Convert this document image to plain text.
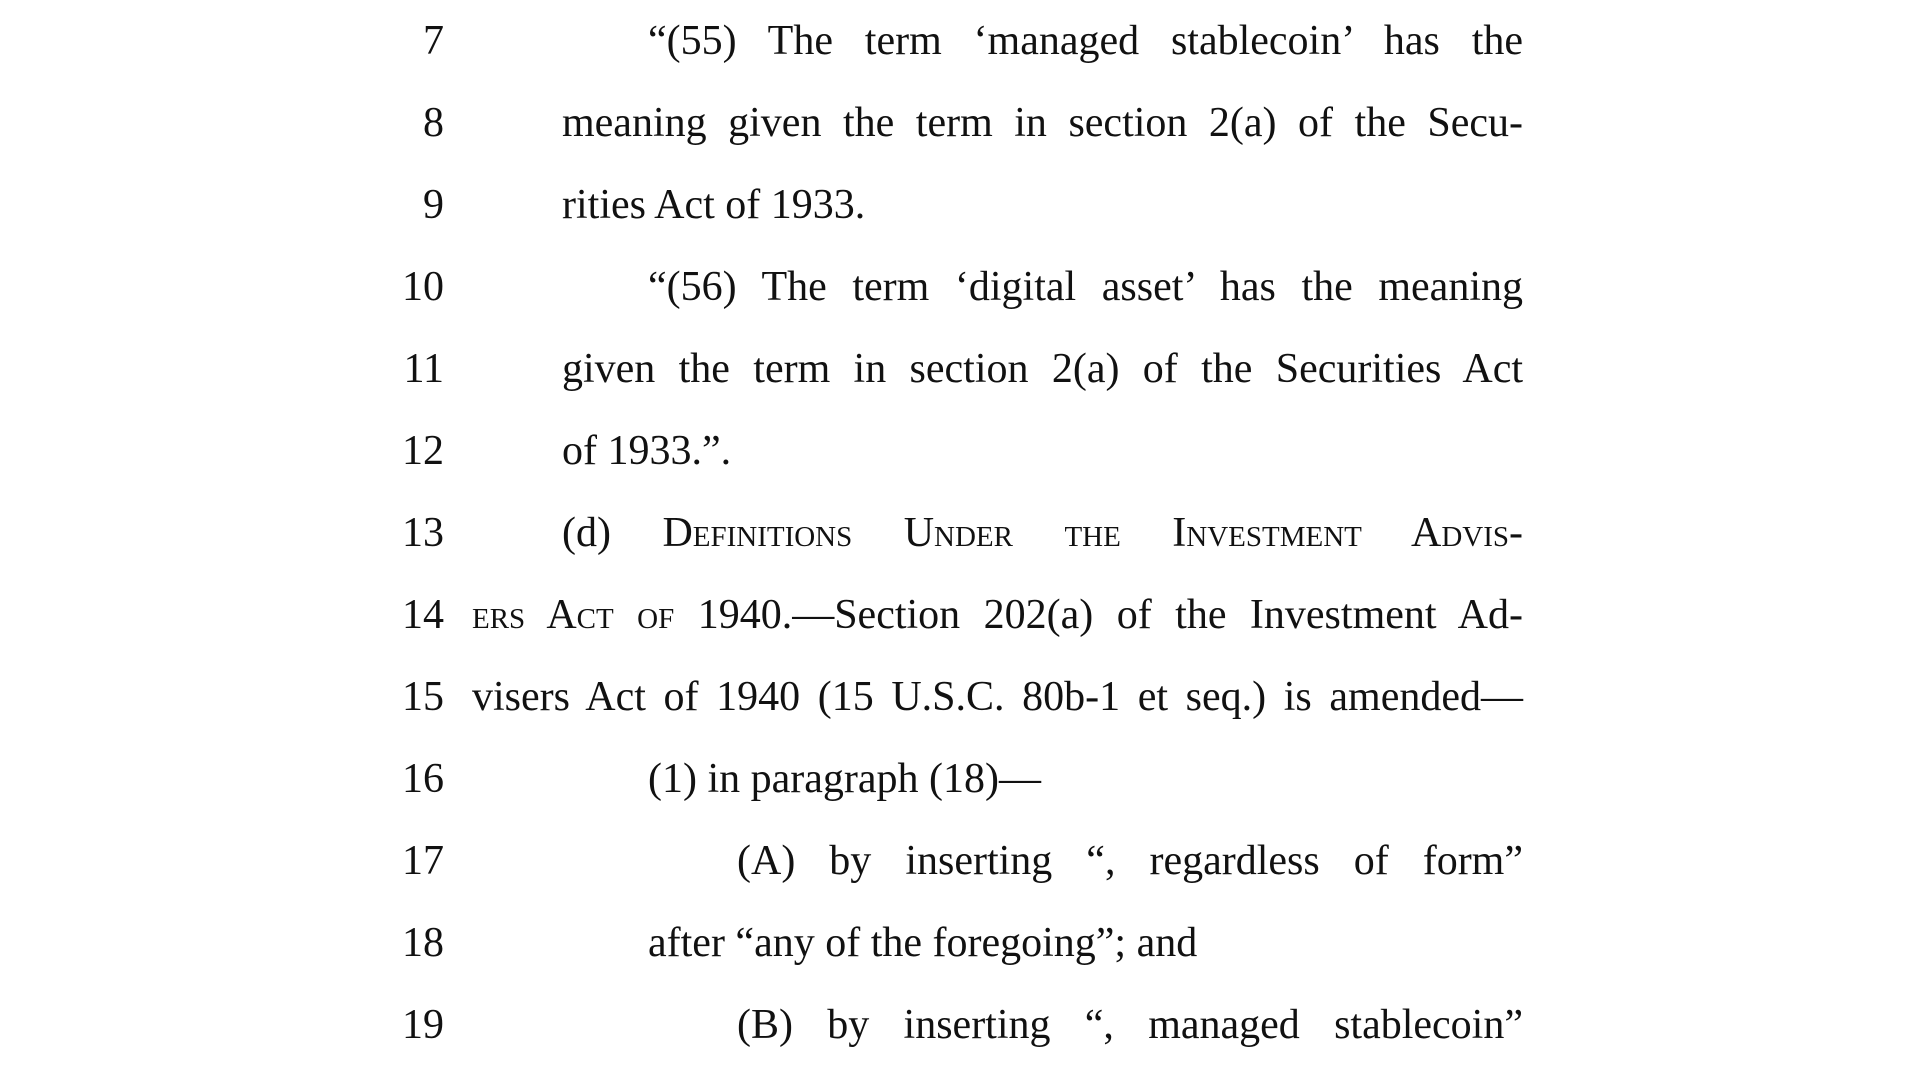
7	“(55) The term ‘managed stablecoin’ has the
8	meaning given the term in section 2(a) of the Secu-
9	rities Act of 1933.
10	“(56) The term ‘digital asset’ has the meaning
11	given the term in section 2(a) of the Securities Act
12	of 1933.”.
13	(d) Definitions Under the Investment Advis-
14 ers Act of 1940.—Section 202(a) of the Investment Ad-
15 visers Act of 1940 (15 U.S.C. 80b-1 et seq.) is amended—
16	(1) in paragraph (18)—
17	(A) by inserting “, regardless of form”
18	after “any of the foregoing”; and
19	(B) by inserting “, managed stablecoin”
